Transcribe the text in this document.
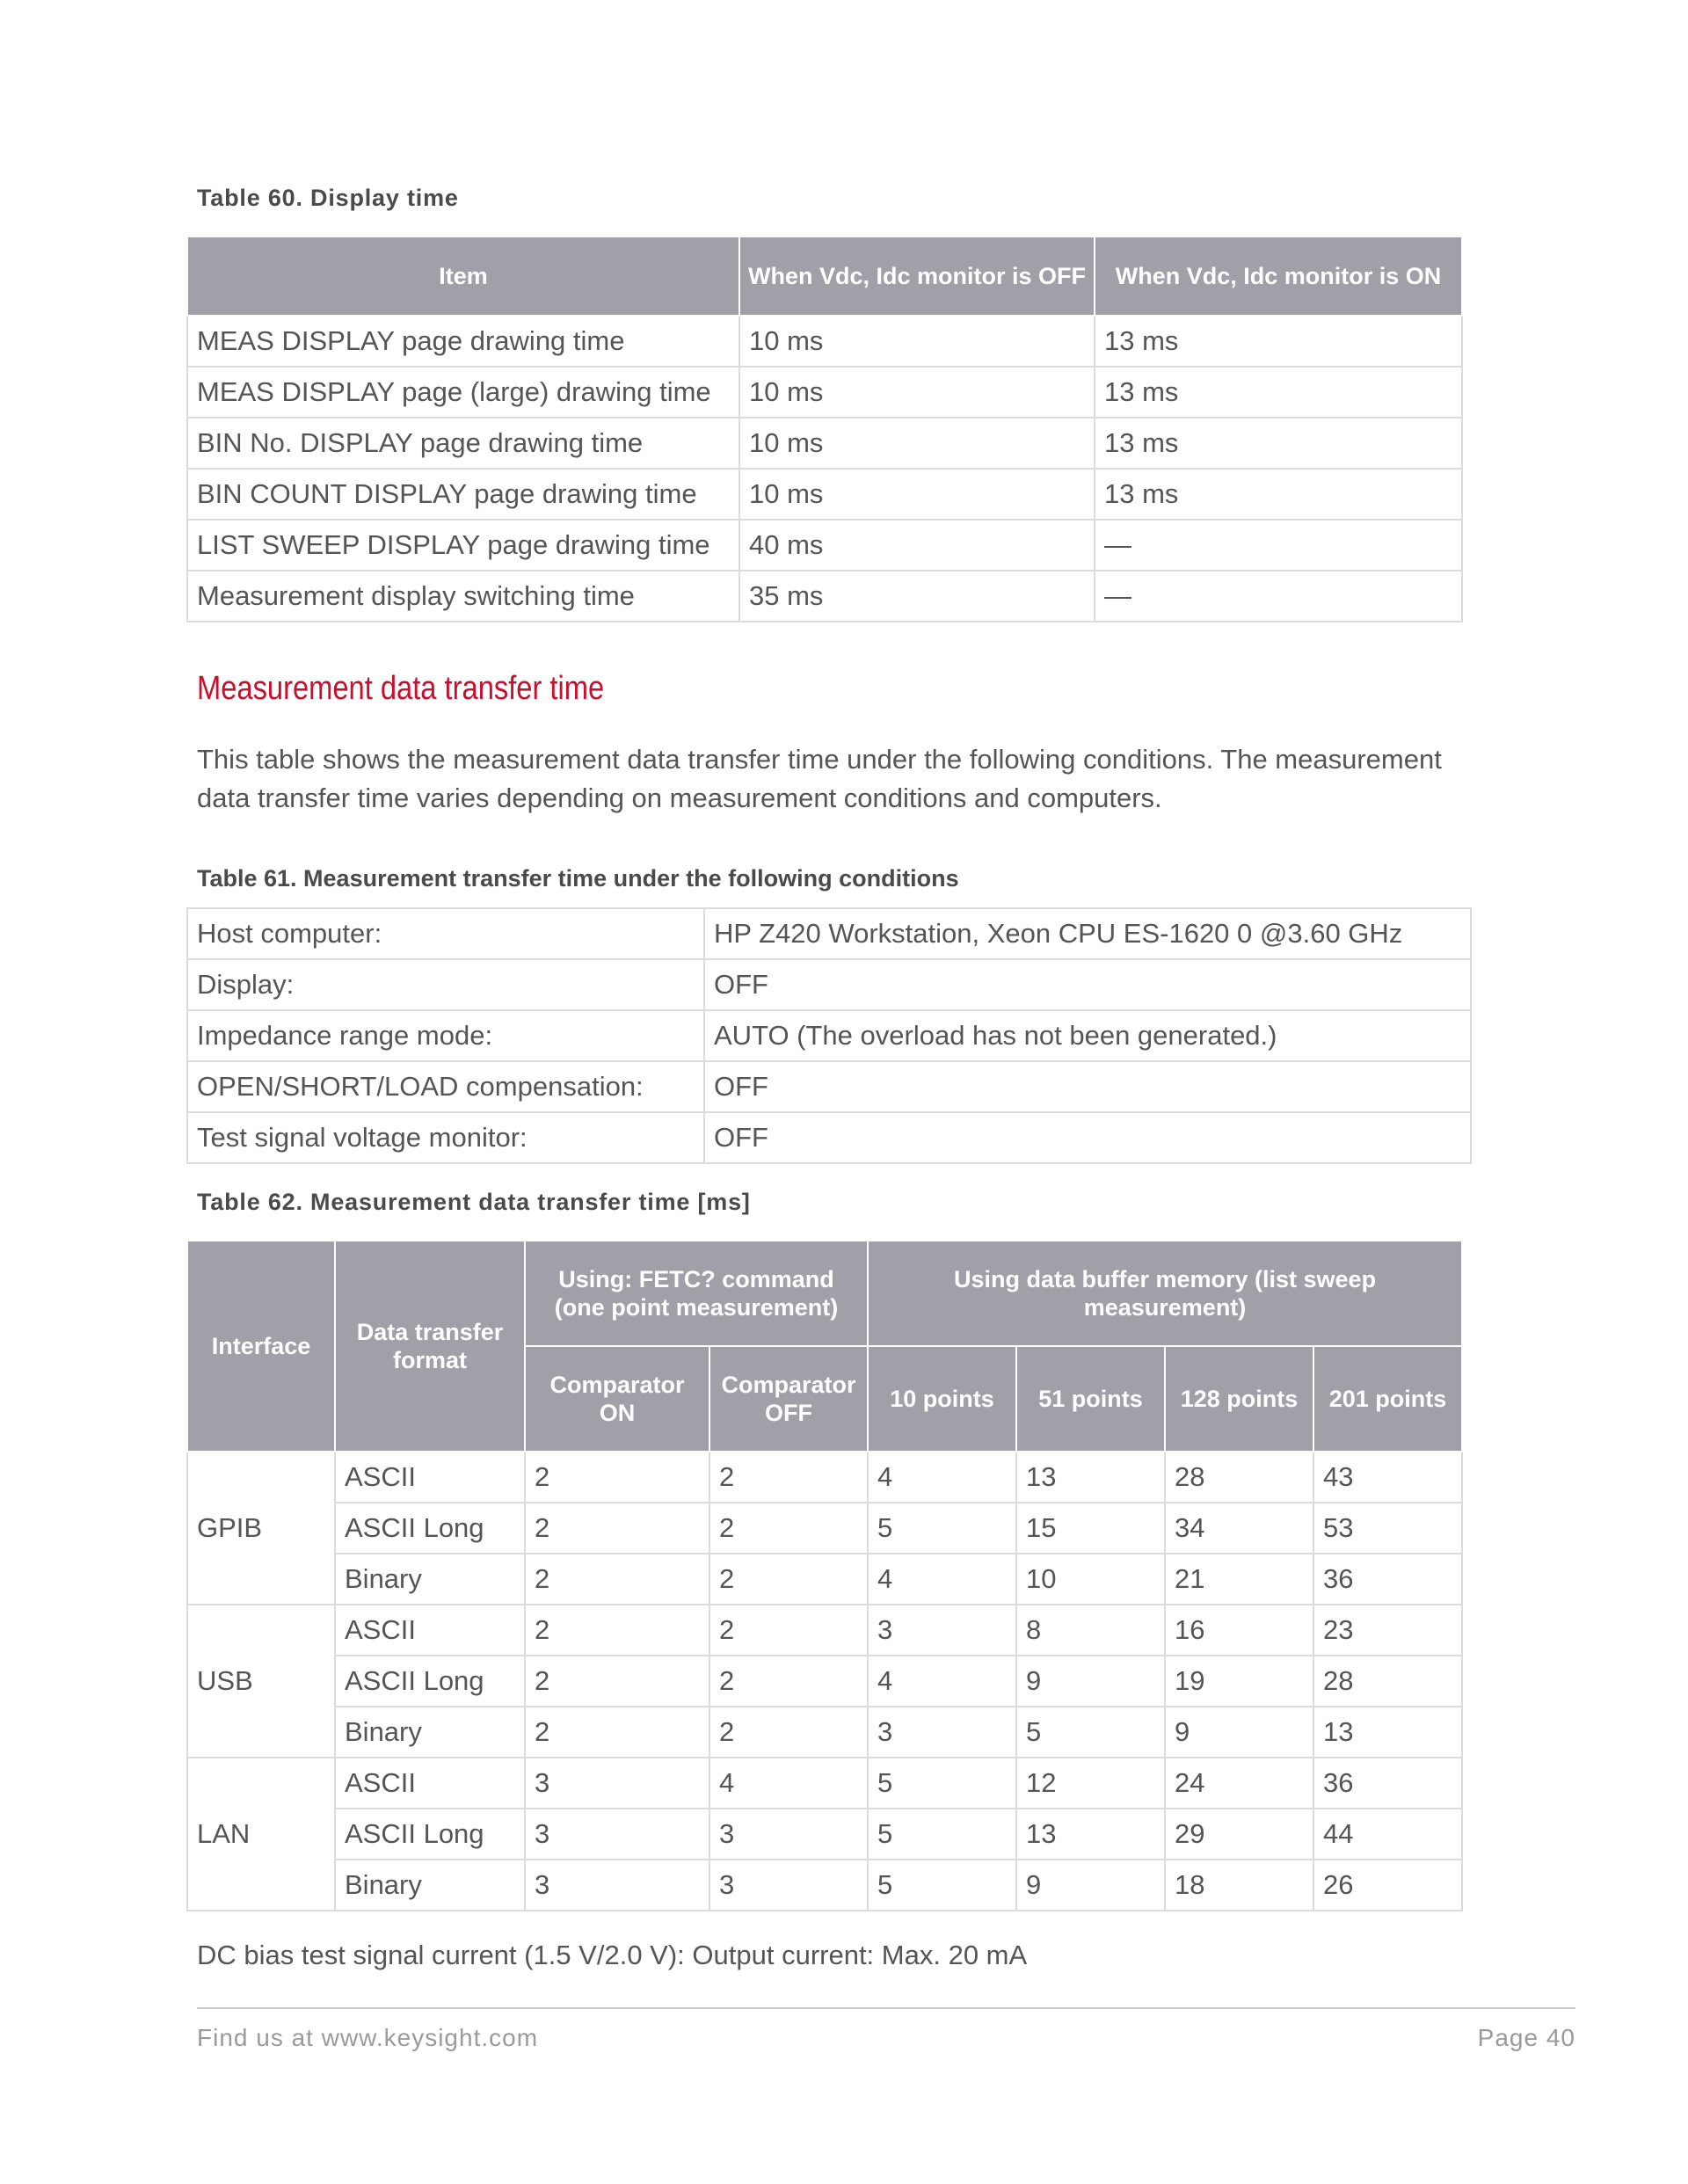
Table 60. Display time
Item	When Vdc, Idc monitor is OFF	When Vdc, Idc monitor is ON
MEAS DISPLAY page drawing time	10 ms	13 ms
MEAS DISPLAY page (large) drawing time	10 ms	13 ms
BIN No. DISPLAY page drawing time	10 ms	13 ms
BIN COUNT DISPLAY page drawing time	10 ms	13 ms
LIST SWEEP DISPLAY page drawing time	40 ms	—
Measurement display switching time	35 ms	—
Measurement data transfer time
This table shows the measurement data transfer time under the following conditions. The measurement data transfer time varies depending on measurement conditions and computers.
Table 61. Measurement transfer time under the following conditions
Host computer:	HP Z420 Workstation, Xeon CPU ES-1620 0 @3.60 GHz
Display:	OFF
Impedance range mode:	AUTO (The overload has not been generated.)
OPEN/SHORT/LOAD compensation:	OFF
Test signal voltage monitor:	OFF
Table 62. Measurement data transfer time [ms]
Interface	Data transfer format	Using: FETC? command (one point measurement)		Using data buffer memory (list sweep measurement)			
		Comparator ON	Comparator OFF	10 points	51 points	128 points	201 points
GPIB	ASCII	2	2	4	13	28	43
	ASCII Long	2	2	5	15	34	53
	Binary	2	2	4	10	21	36
USB	ASCII	2	2	3	8	16	23
	ASCII Long	2	2	4	9	19	28
	Binary	2	2	3	5	9	13
LAN	ASCII	3	4	5	12	24	36
	ASCII Long	3	3	5	13	29	44
	Binary	3	3	5	9	18	26
DC bias test signal current (1.5 V/2.0 V): Output current: Max. 20 mA
Find us at www.keysight.com	Page 40
